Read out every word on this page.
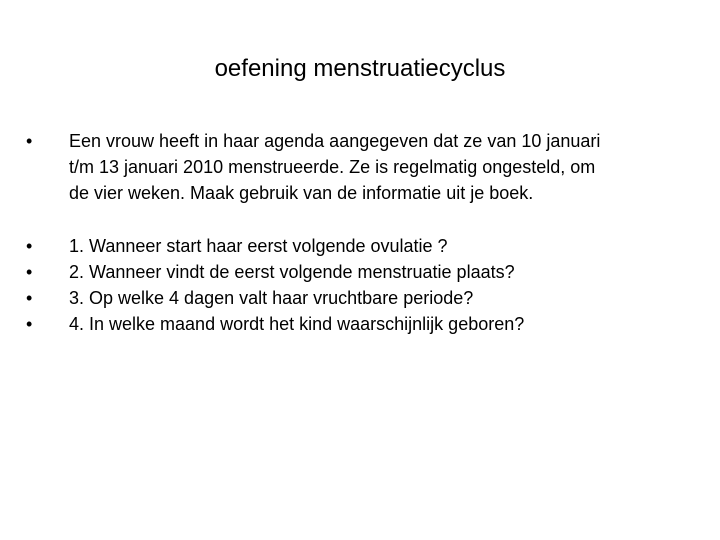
oefening menstruatiecyclus
•	Een vrouw heeft in haar agenda aangegeven dat ze van 10 januari
t/m 13 januari 2010 menstrueerde. Ze is regelmatig ongesteld, om
de vier weken. Maak gebruik van de informatie uit je boek.
•	1. Wanneer start haar eerst volgende ovulatie ?
•	2. Wanneer vindt de eerst volgende menstruatie plaats?
•	3. Op welke 4 dagen valt haar vruchtbare periode?
•	4. In welke maand wordt het kind waarschijnlijk geboren?
